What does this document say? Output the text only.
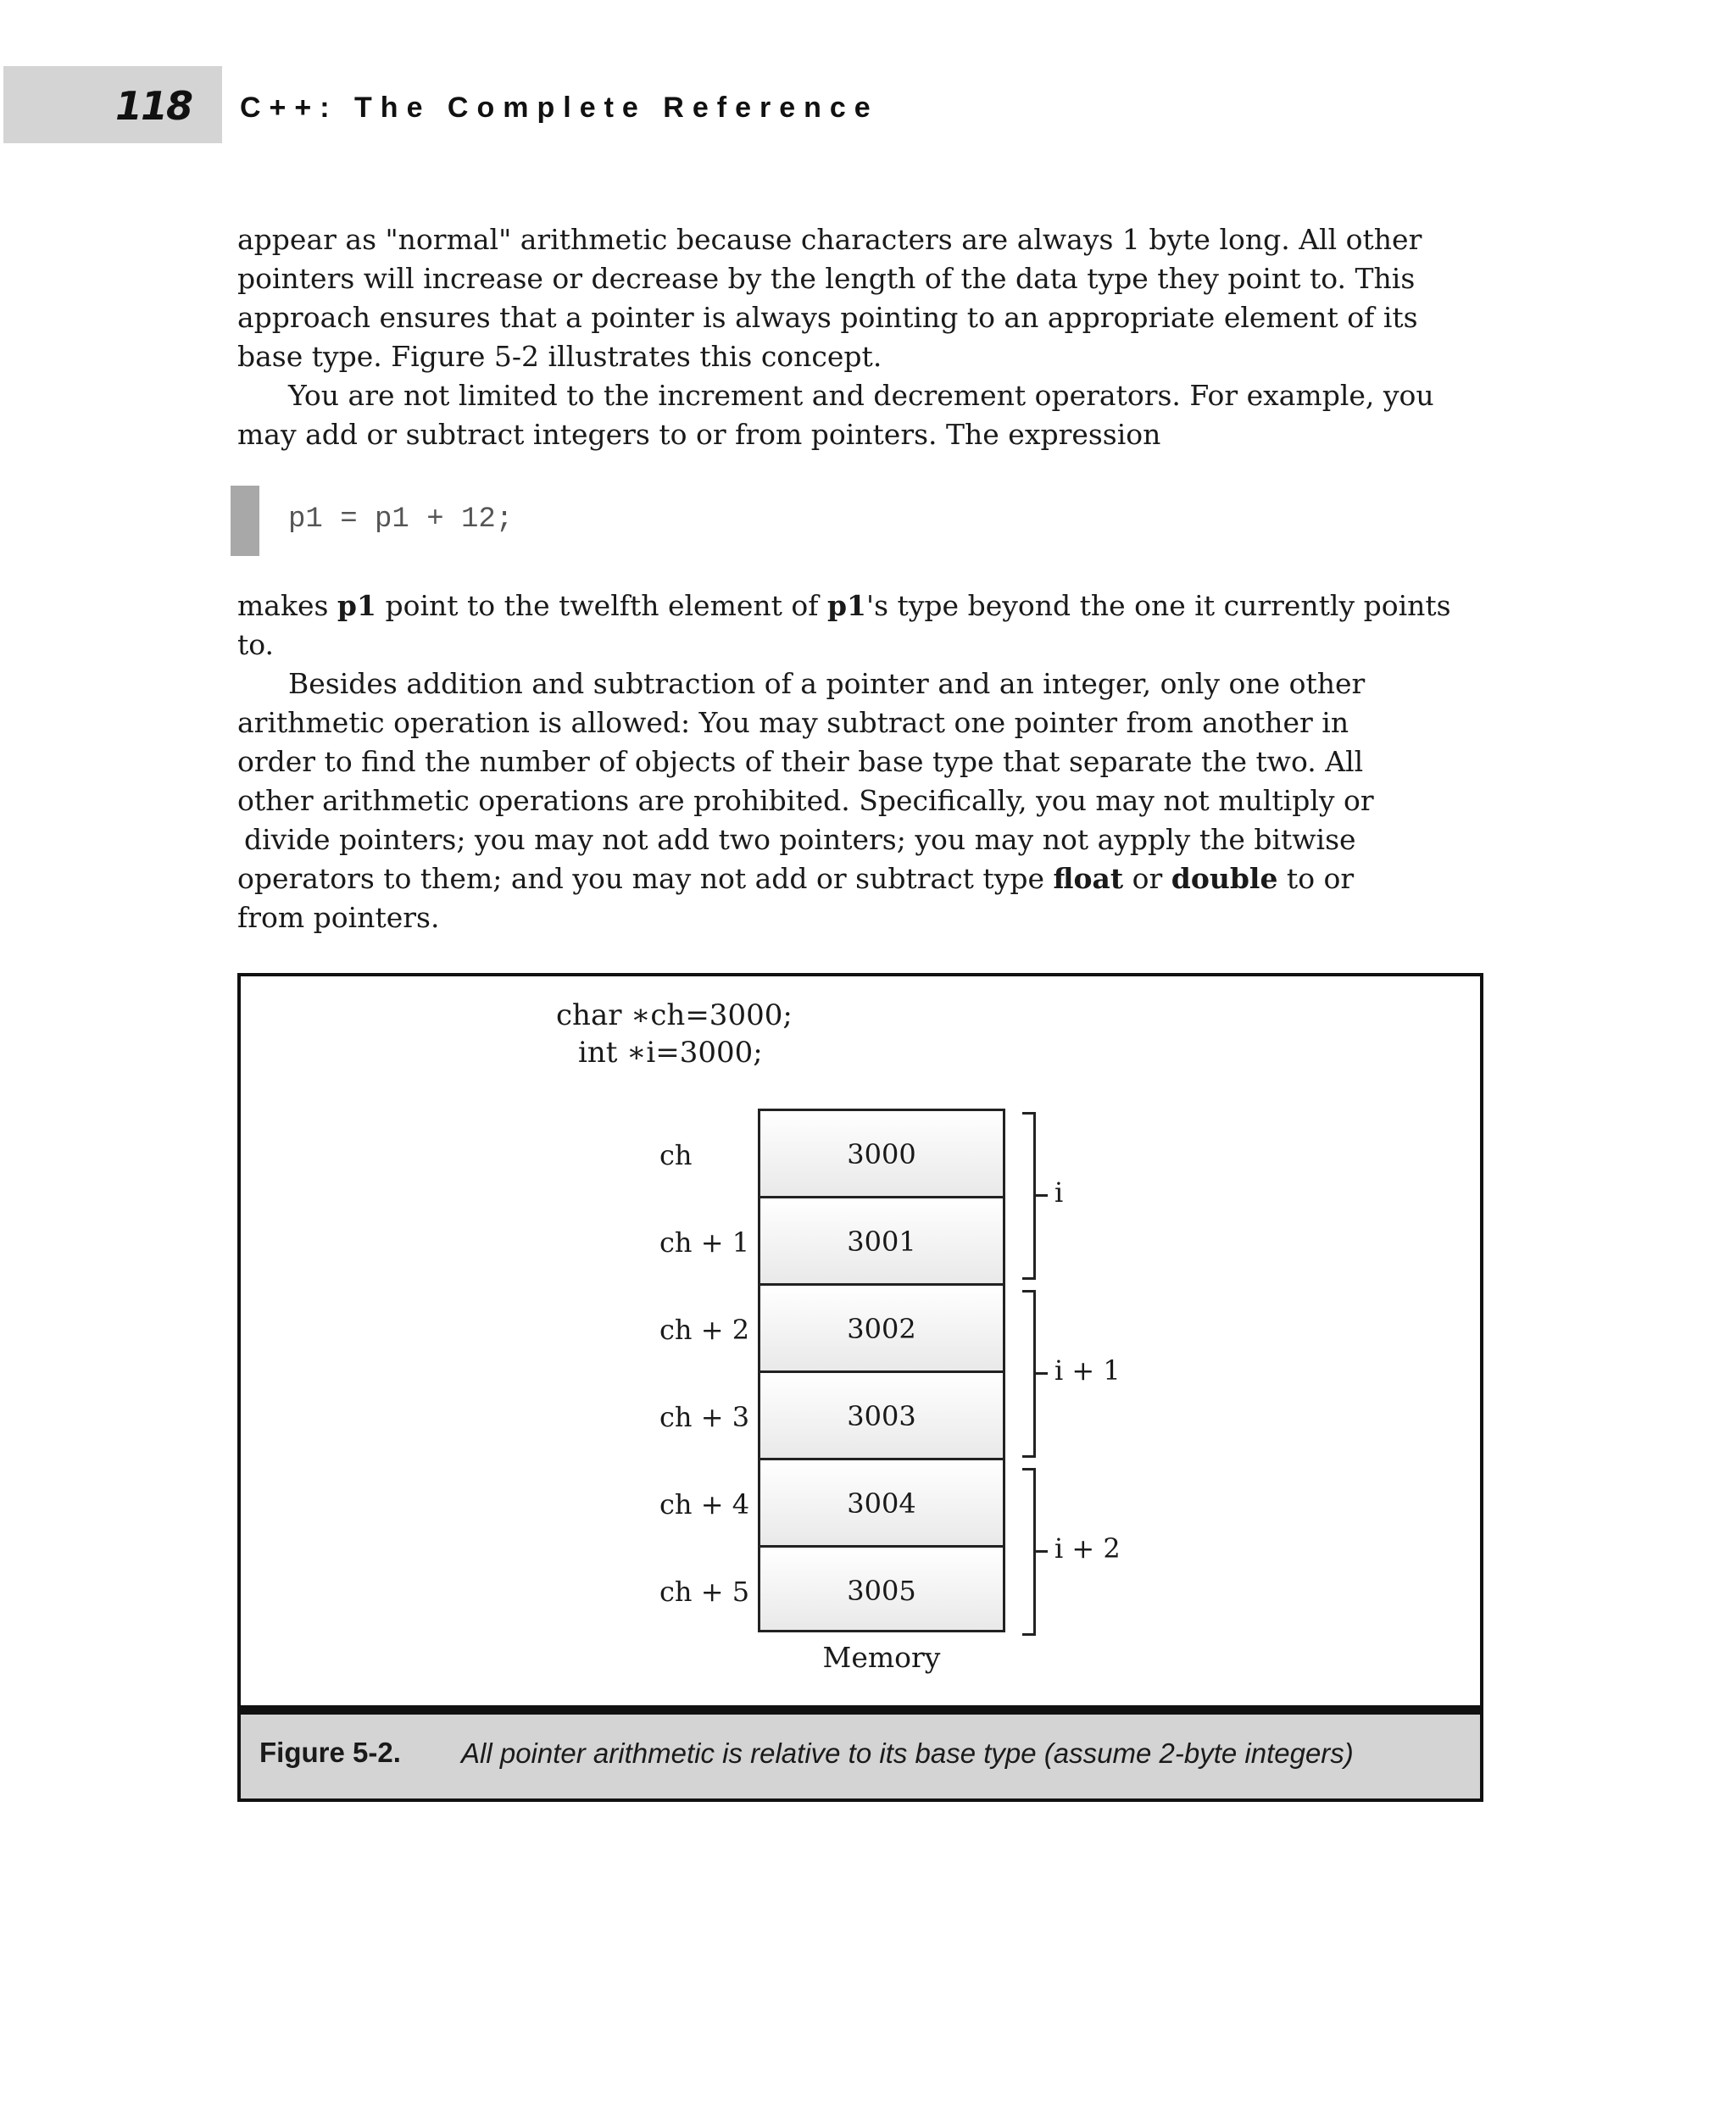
118 C++: The Complete Reference

appear as "normal" arithmetic because characters are always 1 byte long. All other

pointers will increase or decrease by the length of the data type they point to. This

approach ensures that a pointer is always pointing to an appropriate element of its

base type. Figure 5-2 illustrates this concept.

You are not limited to the increment and decrement operators. For example, you

may add or subtract integers to or from pointers. The expression

p1 = p1 + 12;

makes p1 point to the twelfth element of p1's type beyond the one it currently points to.

Besides addition and subtraction of a pointer and an integer, only one other

arithmetic operation is allowed: You may subtract one pointer from another in

order to find the number of objects of their base type that separate the two. All

other arithmetic operations are prohibited. Specifically, you may not multiply or

divide pointers; you may not add two pointers; you may not aypply the bitwise

operators to them; and you may not add or subtract type float or double to or

from pointers.

char ∗ch=3000;
int ∗i=3000;
ch
ch + 1
ch + 2
ch + 3
ch + 4
ch + 5
3000
3001
3002
3003
3004
3005
i
i + 1
i + 2
Memory
Figure 5-2. All pointer arithmetic is relative to its base type (assume 2-byte integers)
